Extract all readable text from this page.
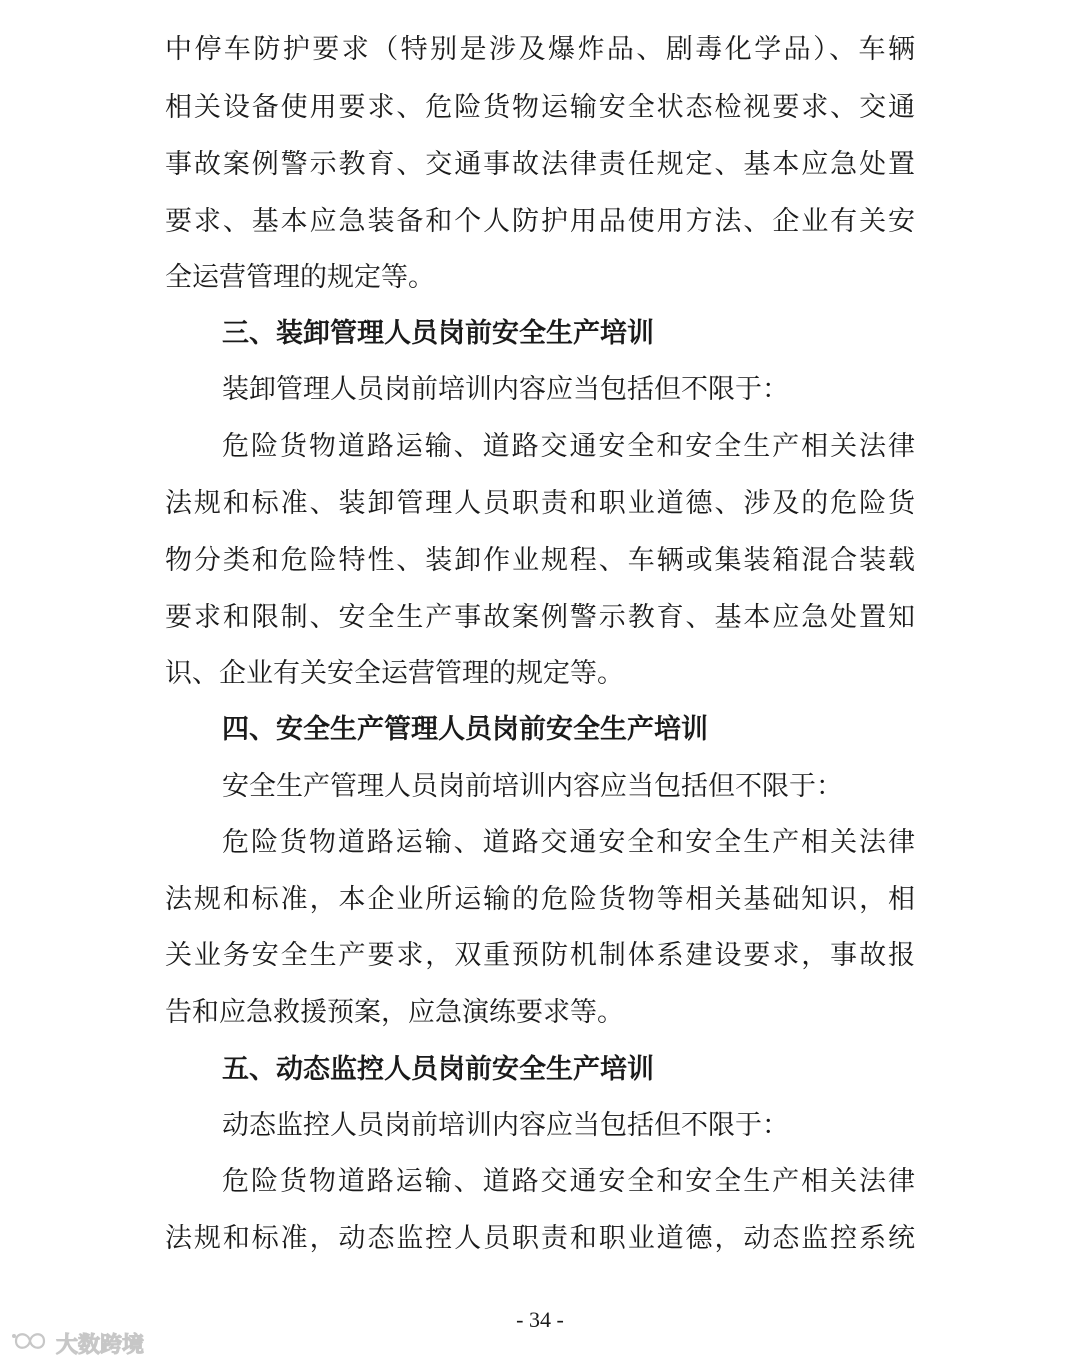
中停车防护要求（特别是涉及爆炸品、剧毒化学品）、车辆
相关设备使用要求、危险货物运输安全状态检视要求、交通
事故案例警示教育、交通事故法律责任规定、基本应急处置
要求、基本应急装备和个人防护用品使用方法、企业有关安
全运营管理的规定等。
三、装卸管理人员岗前安全生产培训
装卸管理人员岗前培训内容应当包括但不限于：
危险货物道路运输、道路交通安全和安全生产相关法律
法规和标准、装卸管理人员职责和职业道德、涉及的危险货
物分类和危险特性、装卸作业规程、车辆或集装箱混合装载
要求和限制、安全生产事故案例警示教育、基本应急处置知
识、企业有关安全运营管理的规定等。
四、安全生产管理人员岗前安全生产培训
安全生产管理人员岗前培训内容应当包括但不限于：
危险货物道路运输、道路交通安全和安全生产相关法律
法规和标准，本企业所运输的危险货物等相关基础知识，相
关业务安全生产要求，双重预防机制体系建设要求，事故报
告和应急救援预案，应急演练要求等。
五、动态监控人员岗前安全生产培训
动态监控人员岗前培训内容应当包括但不限于：
危险货物道路运输、道路交通安全和安全生产相关法律
法规和标准，动态监控人员职责和职业道德，动态监控系统
- 34 -
大数跨境
